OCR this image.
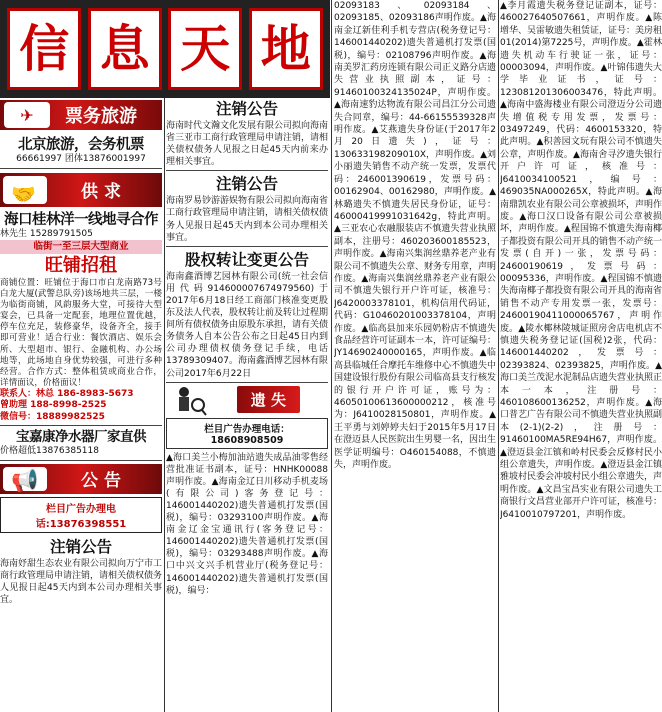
信 息 天 地
✈	票务旅游
北京旅游，会务机票
66661997 团体13876001997
🤝	供 求
海口桂林洋一线地寻合作
林先生 15289791505
临街一至三层大型商业
旺铺招租
商铺位置：旺铺位于海口市白龙南路73号白龙大厦(武警总队旁)该场地共三层，一楼为临街商铺，风韵服务大堂，可接待大型宴会，已具备一定配套，地理位置优越，停车位充足，装修豪华，设备齐全，接手即可营业！适合行业：餐饮酒店、娱乐会所、大型超市、银行、金融机构、办公场地等，此场地自身优势较强，可进行多种经营。合作方式：整体租赁或商业合作，详情面议，价格面议！
联系人：林总 186-8983-5673
曾助理 188-8998-2525
微信号：18889982525
宝嘉康净水器厂家直供
价格超低13876385118
📢	公 告
栏目广告办理电话:13876398551
注销公告
海南妤甜生态农业有限公司拟向万宁市工商行政管理局申请注销，请相关债权债务人见报日起45天内到本公司办理相关事宜。
注销公告
海南时代文瀚文化发展有限公司拟向海南省三亚市工商行政管理局申请注销，请相关债权债务人见报之日起45天内前来办理相关事宜。
注销公告
海南罗易钞游游娱物有限公司拟向海南省工商行政管理局申请注销，请相关债权债务人见报日起45天内到本公司办理相关事宜。
股权转让变更公告
海南鑫酒博艺园林有限公司(统一社会信用代码914600007674979560)于2017年6月18日经工商部门核准变更股东及法人代表，股权转让前及转让过程期间所有债权债务由原股东承担，请有关债务债务人自本公告公布之日起45日内到公司办理债权债务登记手续，电话13789309407。海南鑫酒博艺园林有限公司2017年6月22日
遗 失
栏目广告办理电话：18608908509
▲海口美兰小梅加油站遗失成品油零售经营批准证书副本，证号：HNHK00088声明作废。▲海南金辽日川移动手机麦场(有限公司)客务登记号：146001440202)遗失普通机打发票(国税)，编号：03293100声明作废。▲海南金辽金宝通讯行(客务登记号：146001440202)遗失普通机打发票(国税)，编号：03293488声明作废。▲海口中兴文兴手机营业厅(税务登记号：146001440202)遗失普通机打发票(国税)，编号：
02093183、02093184、02093185、02093186声明作废。▲海南金辽新佳利手机专营店(税务登记号：146001440202)遗失普通机打发票(国税)，编号：02108796声明作废。▲海南美罗汇药房连锁有限公司正义路分店遗失营业执照副本，证号：91460100324135024P，声明作废。▲海南速豹达物流有限公司昌江分公司遗失合同章，编号：44-66155539328声明作废。▲艾燕遗失身份证(于2017年2月20日遗失)，证号：130633198209010X，声明作废。▲刘小丽遗失销售不动产统一发票，发票代码：246001390619，发票号码：00162904、00162980，声明作废。▲林璐遗失不慎遗失居民身份证，证号：46000419991031642g，特此声明。▲三亚农心农融服装店不慎遗失营业执照副本，注册号：460203600185523，声明作废。▲海南兴集润丝鼎养老产业有限公司不慎遗失公章、财务专用章，声明作废。▲海南兴集润丝鼎养老产业有限公司不慎遗失银行开户许可证，核准号：J6420003378101，机构信用代码证，代码：G10460201003378104，声明作废。▲临高县加来乐园奶粉店不慎遗失食品经营许可证副本一本，许可证编号：JY14690240000165，声明作废。▲临高县临城任合摩托车维修中心不慎遗失中国建设银行股份有限公司临高县支行核发的银行开户许可证，账号为：46050100613600000212，核准号为：J6410028150801，声明作废。▲王平勇与刘婷婷夫妇于2015年5月17日在澄迈县人民医院出生男婴一名，因出生医学证明编号：O460154088，不慎遗失，声明作废。
▲李月霞遗失税务登记证副本，证号：460027640507661，声明作废。▲陈增华、吴雷敏遗失租赁证，证号：美房租01(2014)第7225号，声明作废。▲霍林遗失机动车行驶证一张，证号：00003094，声明作废。▲叶锦伟遗失大学毕业证书，证号：123081201306003476，特此声明。▲海南中盛海楼业有限公司澄迈分公司遗失增值税专用发票，发票号：03497249，代码：4600153320，特此声明。▲积善园文玩有限公司不慎遗失公章，声明作废。▲海南舍寻汐遗失银行开户许可证，核准号：J6410034100521，编号：469035NA000265X，特此声明。▲海南鼎凯农业有限公司公章被损坏，声明作废。▲海口汉口设备有限公司公章被损坏，声明作废。▲程国锦不慎遗失海南椰子都投资有限公司开具的销售不动产统一发票(自开)一张，发票号码：24600190619，发票号码：00095336，声明作废。▲程国锦不慎遗失海南椰子都投资有限公司开具的海南省销售不动产专用发票一张，发票号：24600190411000065767，声明作废。▲陵水椰林陵城证照房舍店电机店不慎遗失税务登记证(国税)2张，代码：146001440202，发票号：02393824、02393825，声明作废。▲海口美兰茂泥水泥制品店遗失营业执照正本一本，注册号：460108600136252，声明作废。▲海口普艺广告有限公司不慎遗失营业执照副本(2-1)(2-2)，注册号：91460100MA5RE94H67，声明作废。▲澄迈县金江镇和岭村民委会反修村民小组公章遗失，声明作废。▲澄迈县金江镇雅坡村民委会冲坡村民小组公章遗失，声明作废。▲文昌宝昌实业有限公司遗失工商银行文昌营业部开户许可证，核准号：J6410010797201，声明作废。
